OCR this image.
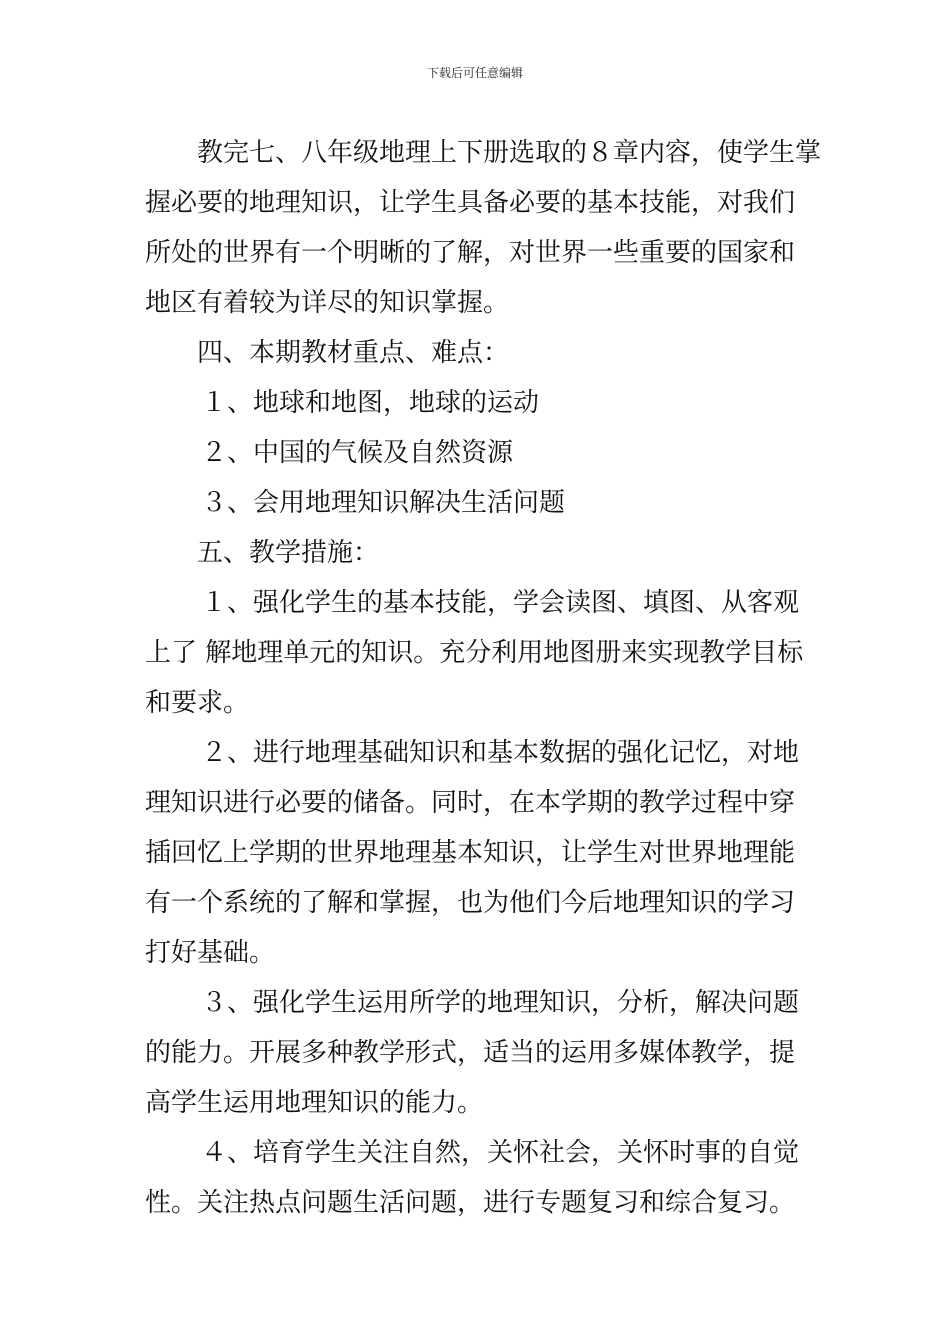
下载后可任意编辑
教完七、八年级地理上下册选取的８章内容，使学生掌
握必要的地理知识，让学生具备必要的基本技能，对我们
所处的世界有一个明晰的了解，对世界一些重要的国家和
地区有着较为详尽的知识掌握。
四、本期教材重点、难点：
１、地球和地图，地球的运动
２、中国的气候及自然资源
３、会用地理知识解决生活问题
五、教学措施：
１、强化学生的基本技能，学会读图、填图、从客观
上了 解地理单元的知识。充分利用地图册来实现教学目标
和要求。
２、进行地理基础知识和基本数据的强化记忆，对地
理知识进行必要的储备。同时，在本学期的教学过程中穿
插回忆上学期的世界地理基本知识，让学生对世界地理能
有一个系统的了解和掌握，也为他们今后地理知识的学习
打好基础。
３、强化学生运用所学的地理知识，分析，解决问题
的能力。开展多种教学形式，适当的运用多媒体教学，提
高学生运用地理知识的能力。
４、培育学生关注自然，关怀社会，关怀时事的自觉
性。关注热点问题生活问题，进行专题复习和综合复习。
